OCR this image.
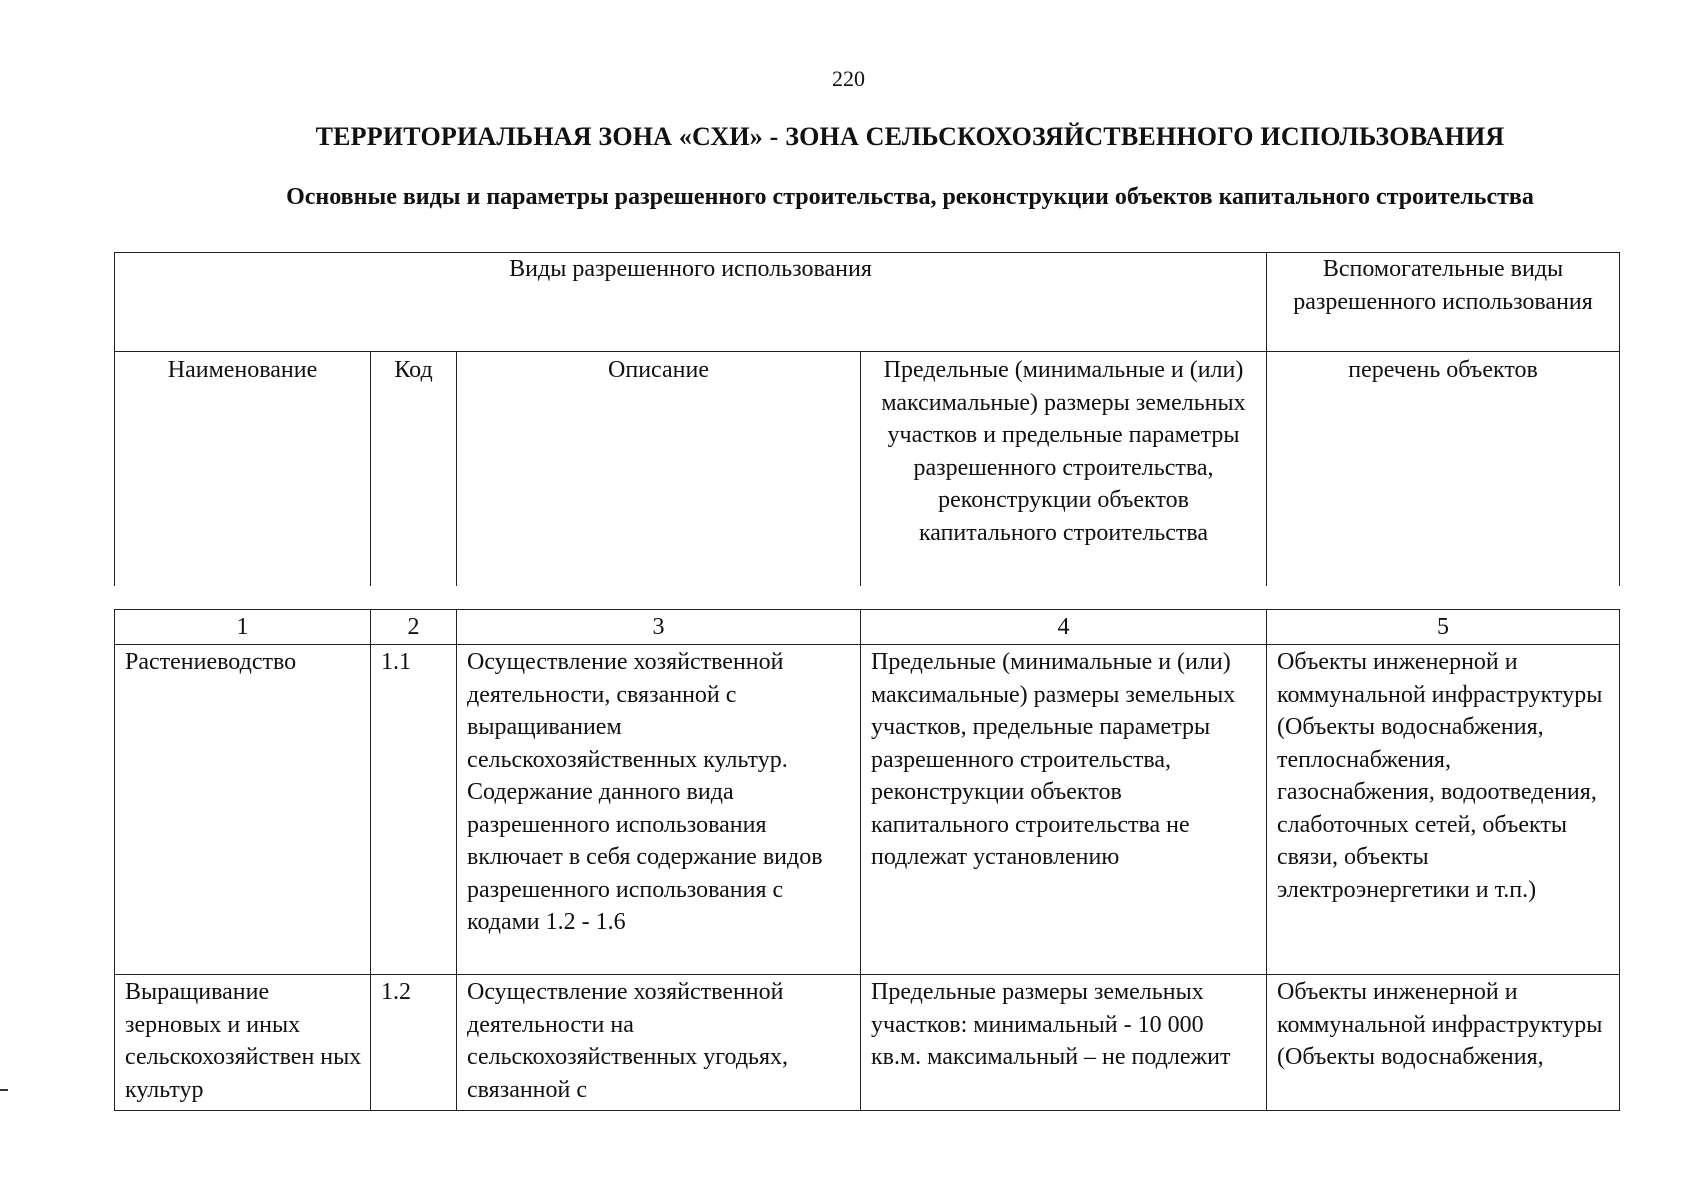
220
ТЕРРИТОРИАЛЬНАЯ ЗОНА «СХИ» - ЗОНА СЕЛЬСКОХОЗЯЙСТВЕННОГО ИСПОЛЬЗОВАНИЯ
Основные виды и параметры разрешенного строительства, реконструкции объектов капитального строительства
Виды разрешенного использования				Вспомогательные виды разрешенного использования
Наименование	Код	Описание	Предельные (минимальные и (или) максимальные) размеры земельных участков и предельные параметры разрешенного строительства, реконструкции объектов капитального строительства	перечень объектов
1	2	3	4	5
Растениеводство	1.1	Осуществление хозяйственной деятельности, связанной с выращиванием сельскохозяйственных культур. Содержание данного вида разрешенного использования включает в себя содержание видов разрешенного использования с кодами 1.2 - 1.6	Предельные (минимальные и (или) максимальные) размеры земельных участков, предельные параметры разрешенного строительства, реконструкции объектов капитального строительства не подлежат установлению	Объекты инженерной и коммунальной инфраструктуры (Объекты водоснабжения, теплоснабжения, газоснабжения, водоотведения, слаботочных сетей, объекты связи, объекты электроэнергетики и т.п.)
Выращивание зерновых и иных сельскохозяйствен ных культур	1.2	Осуществление хозяйственной деятельности на сельскохозяйственных угодьях, связанной с	Предельные размеры земельных участков: минимальный - 10 000 кв.м. максимальный – не подлежит	Объекты инженерной и коммунальной инфраструктуры (Объекты водоснабжения,
